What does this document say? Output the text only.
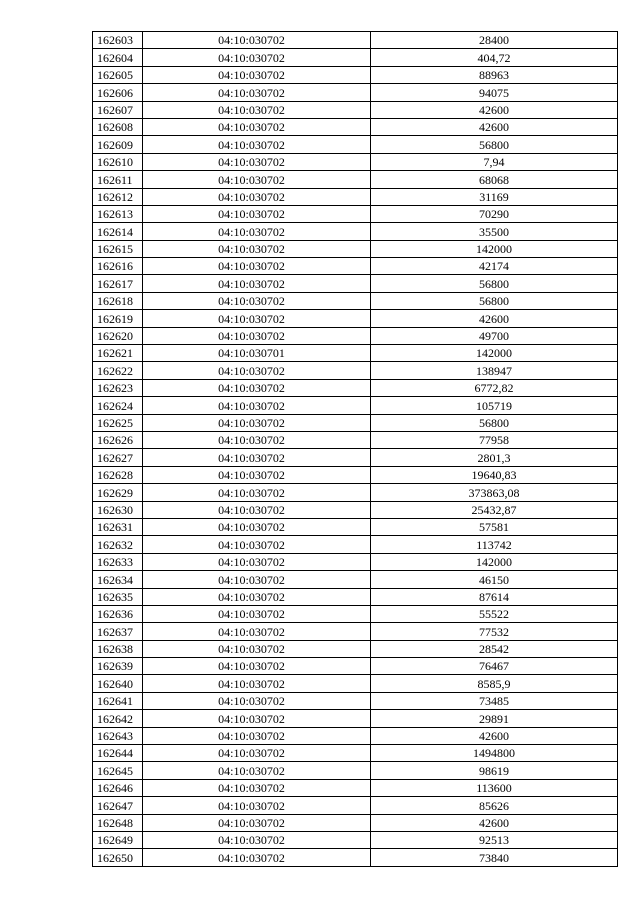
162603	04:10:030702	28400
162604	04:10:030702	404,72
162605	04:10:030702	88963
162606	04:10:030702	94075
162607	04:10:030702	42600
162608	04:10:030702	42600
162609	04:10:030702	56800
162610	04:10:030702	7,94
162611	04:10:030702	68068
162612	04:10:030702	31169
162613	04:10:030702	70290
162614	04:10:030702	35500
162615	04:10:030702	142000
162616	04:10:030702	42174
162617	04:10:030702	56800
162618	04:10:030702	56800
162619	04:10:030702	42600
162620	04:10:030702	49700
162621	04:10:030701	142000
162622	04:10:030702	138947
162623	04:10:030702	6772,82
162624	04:10:030702	105719
162625	04:10:030702	56800
162626	04:10:030702	77958
162627	04:10:030702	2801,3
162628	04:10:030702	19640,83
162629	04:10:030702	373863,08
162630	04:10:030702	25432,87
162631	04:10:030702	57581
162632	04:10:030702	113742
162633	04:10:030702	142000
162634	04:10:030702	46150
162635	04:10:030702	87614
162636	04:10:030702	55522
162637	04:10:030702	77532
162638	04:10:030702	28542
162639	04:10:030702	76467
162640	04:10:030702	8585,9
162641	04:10:030702	73485
162642	04:10:030702	29891
162643	04:10:030702	42600
162644	04:10:030702	1494800
162645	04:10:030702	98619
162646	04:10:030702	113600
162647	04:10:030702	85626
162648	04:10:030702	42600
162649	04:10:030702	92513
162650	04:10:030702	73840
